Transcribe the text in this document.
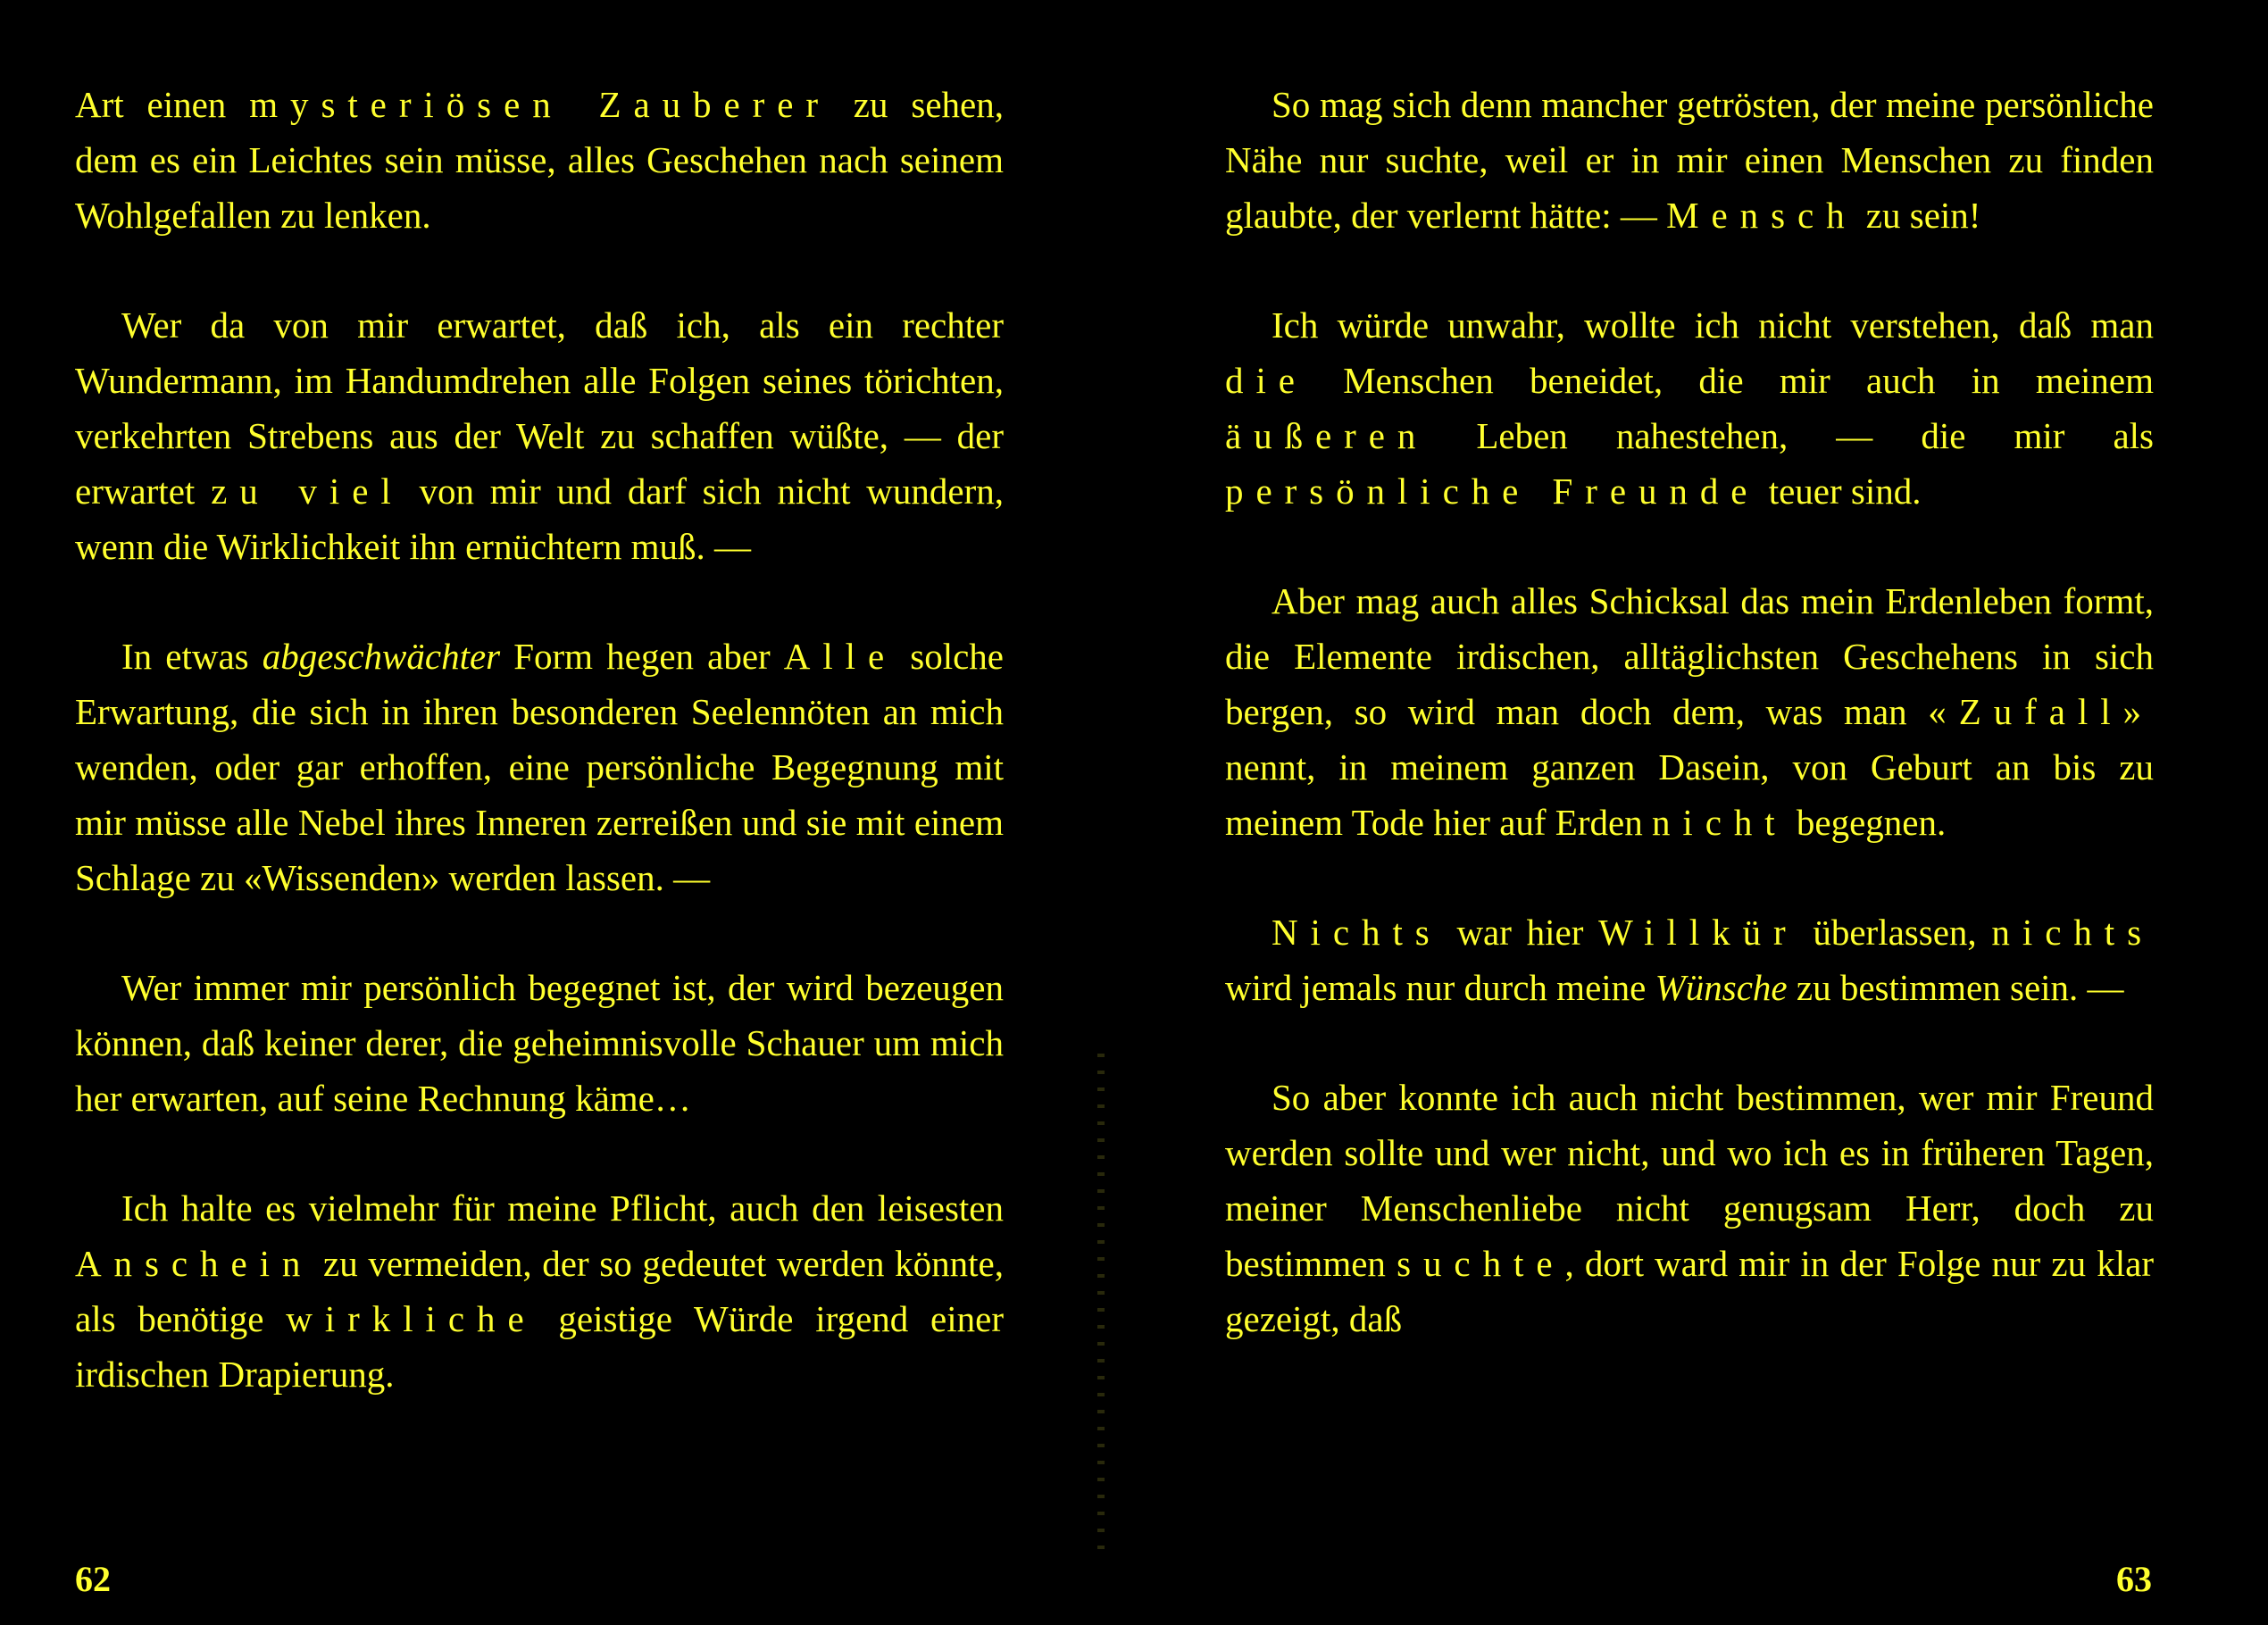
Art einen mysteriösen Zauberer zu sehen, dem es ein Leichtes sein müsse, alles Geschehen nach seinem Wohlgefallen zu lenken.

Wer da von mir erwartet, daß ich, als ein rechter Wundermann, im Handumdrehen alle Folgen seines törichten, verkehrten Strebens aus der Welt zu schaffen wüßte, — der erwartet zu viel von mir und darf sich nicht wundern, wenn die Wirklichkeit ihn ernüchtern muß. —

In etwas abgeschwächter Form hegen aber Alle solche Erwartung, die sich in ihren besonderen Seelennöten an mich wenden, oder gar erhoffen, eine persönliche Begegnung mit mir müsse alle Nebel ihres Inneren zerreißen und sie mit einem Schlage zu «Wissenden» werden lassen. —

Wer immer mir persönlich begegnet ist, der wird bezeugen können, daß keiner derer, die geheimnisvolle Schauer um mich her erwarten, auf seine Rechnung käme…

Ich halte es vielmehr für meine Pflicht, auch den leisesten Anschein zu vermeiden, der so gedeutet werden könnte, als benötige wirkliche geistige Würde irgend einer irdischen Drapierung.

62

So mag sich denn mancher getrösten, der meine persönliche Nähe nur suchte, weil er in mir einen Menschen zu finden glaubte, der verlernt hätte: — Mensch zu sein!

Ich würde unwahr, wollte ich nicht verstehen, daß man die Menschen beneidet, die mir auch in meinem äußeren Leben nahestehen, — die mir als persönliche Freunde teuer sind.

Aber mag auch alles Schicksal das mein Erdenleben formt, die Elemente irdischen, alltäglichsten Geschehens in sich bergen, so wird man doch dem, was man «Zufall» nennt, in meinem ganzen Dasein, von Geburt an bis zu meinem Tode hier auf Erden nicht begegnen.

Nichts war hier Willkür überlassen, nichts wird jemals nur durch meine Wünsche zu bestimmen sein. —

So aber konnte ich auch nicht bestimmen, wer mir Freund werden sollte und wer nicht, und wo ich es in früheren Tagen, meiner Menschenliebe nicht genugsam Herr, doch zu bestimmen suchte, dort ward mir in der Folge nur zu klar gezeigt, daß

63
